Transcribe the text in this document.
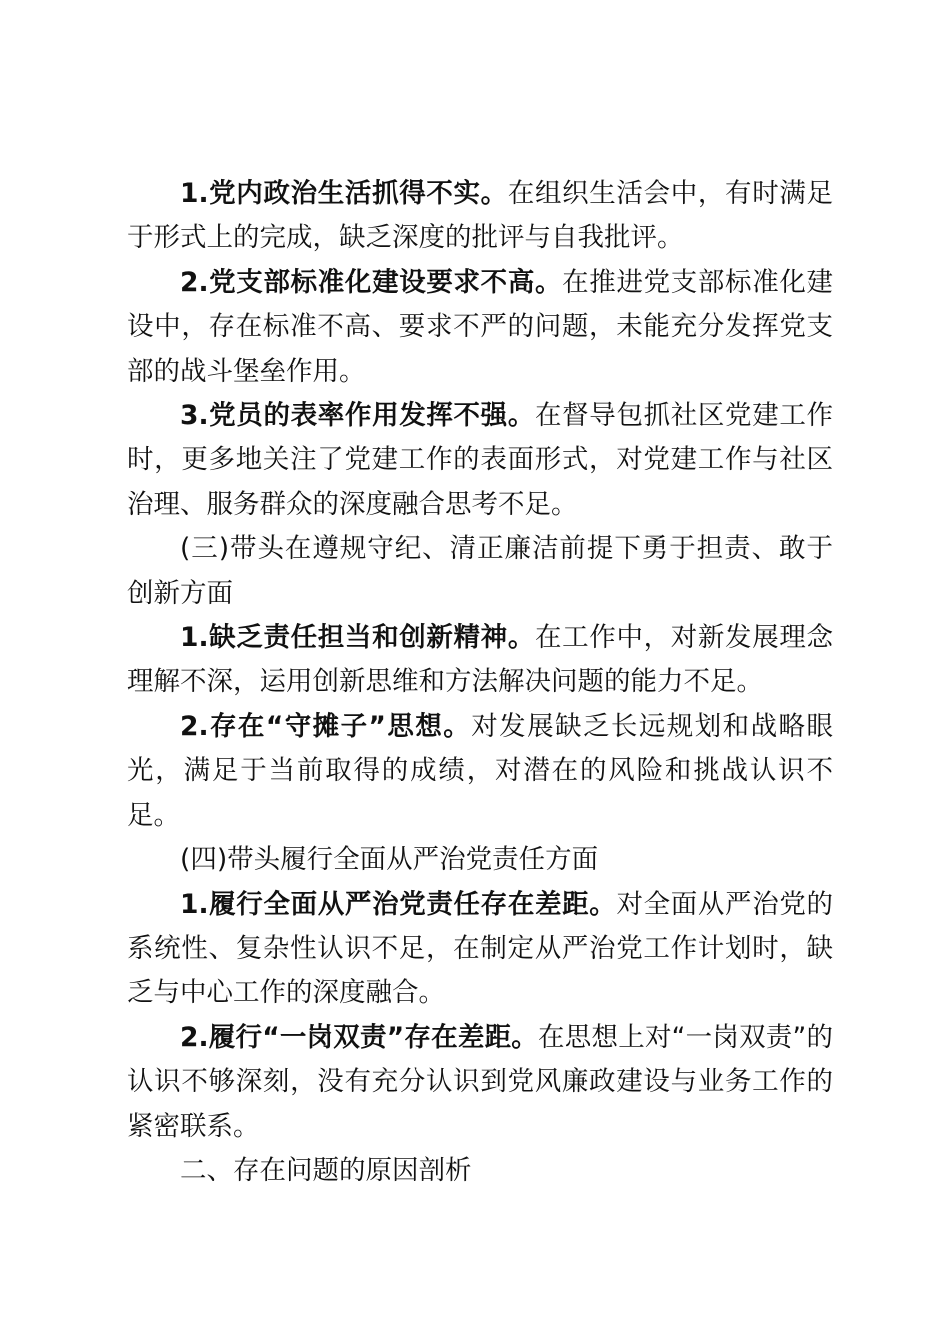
1.党内政治生活抓得不实。在组织生活会中，有时满足于形式上的完成，缺乏深度的批评与自我批评。

2.党支部标准化建设要求不高。在推进党支部标准化建设中，存在标准不高、要求不严的问题，未能充分发挥党支部的战斗堡垒作用。

3.党员的表率作用发挥不强。在督导包抓社区党建工作时，更多地关注了党建工作的表面形式，对党建工作与社区治理、服务群众的深度融合思考不足。

(三)带头在遵规守纪、清正廉洁前提下勇于担责、敢于创新方面

1.缺乏责任担当和创新精神。在工作中，对新发展理念理解不深，运用创新思维和方法解决问题的能力不足。

2.存在“守摊子”思想。对发展缺乏长远规划和战略眼光，满足于当前取得的成绩，对潜在的风险和挑战认识不足。

(四)带头履行全面从严治党责任方面

1.履行全面从严治党责任存在差距。对全面从严治党的系统性、复杂性认识不足，在制定从严治党工作计划时，缺乏与中心工作的深度融合。

2.履行“一岗双责”存在差距。在思想上对“一岗双责”的认识不够深刻，没有充分认识到党风廉政建设与业务工作的紧密联系。

二、存在问题的原因剖析
